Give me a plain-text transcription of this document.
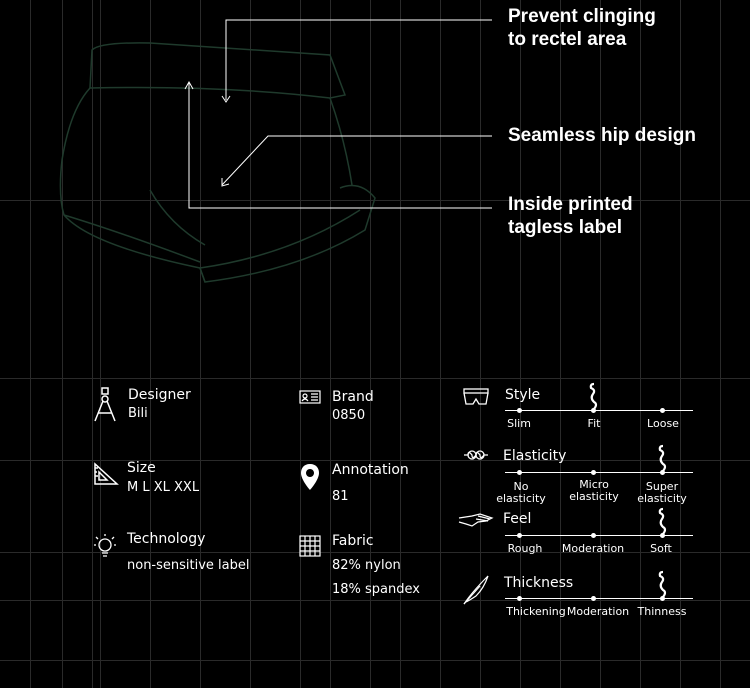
Prevent clinging
to rectel area
Seamless hip design
Inside printed
tagless label
Designer
Bili
Size
M L XL XXL
Technology
non-sensitive label
Brand
0850
Annotation
81
Fabric
82% nylon
18% spandex
Style
Slim	Fit	Loose
Elasticity
No
elasticity
Micro
elasticity
Super
elasticity
Feel
Rough	Moderation	Soft
Thickness
Thickening Moderation Thinness
